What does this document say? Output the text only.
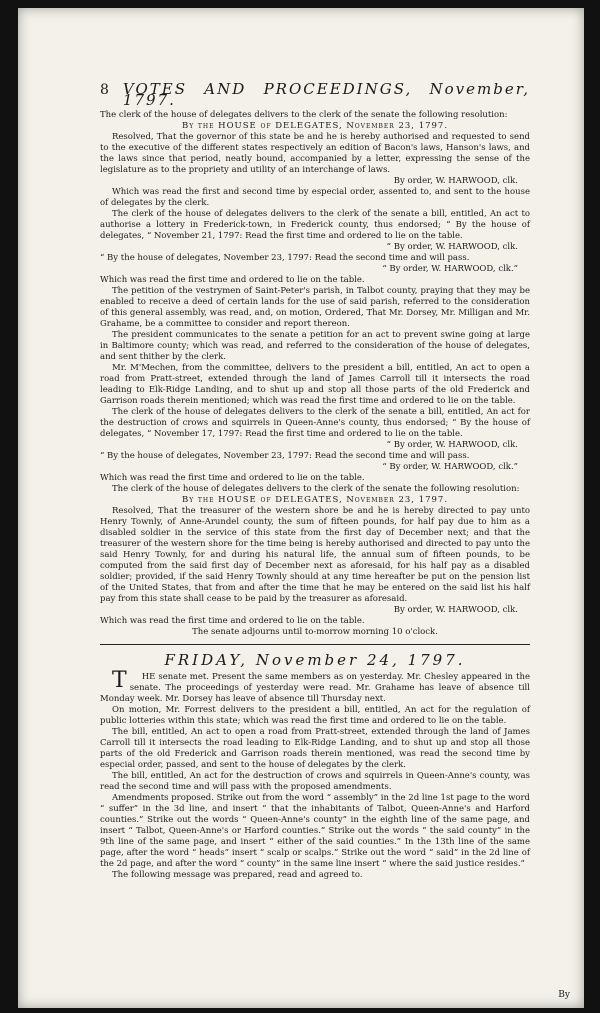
8 VOTES AND PROCEEDINGS, November, 1797.

The clerk of the house of delegates delivers to the clerk of the senate the following resolution:

By the HOUSE of DELEGATES, November 23, 1797.

Resolved, That the governor of this state be and he is hereby authorised and requested to send to the executive of the different states respectively an edition of Bacon's laws, Hanson's laws, and the laws since that period, neatly bound, accompanied by a letter, expressing the sense of the legislature as to the propriety and utility of an interchange of laws.

By order, W. HARWOOD, clk.

Which was read the first and second time by especial order, assented to, and sent to the house of delegates by the clerk.

The clerk of the house of delegates delivers to the clerk of the senate a bill, entitled, An act to authorise a lottery in Frederick-town, in Frederick county, thus endorsed; “ By the house of delegates, “ November 21, 1797: Read the first time and ordered to lie on the table.

“ By order, W. HARWOOD, clk.

“ By the house of delegates, November 23, 1797: Read the second time and will pass.

“ By order, W. HARWOOD, clk.”

Which was read the first time and ordered to lie on the table.

The petition of the vestrymen of Saint-Peter's parish, in Talbot county, praying that they may be enabled to receive a deed of certain lands for the use of said parish, referred to the consideration of this general assembly, was read, and, on motion, Ordered, That Mr. Dorsey, Mr. Milligan and Mr. Grahame, be a committee to consider and report thereon.

The president communicates to the senate a petition for an act to prevent swine going at large in Baltimore county; which was read, and referred to the consideration of the house of delegates, and sent thither by the clerk.

Mr. M'Mechen, from the committee, delivers to the president a bill, entitled, An act to open a road from Pratt-street, extended through the land of James Carroll till it intersects the road leading to Elk-Ridge Landing, and to shut up and stop all those parts of the old Frederick and Garrison roads therein mentioned; which was read the first time and ordered to lie on the table.

The clerk of the house of delegates delivers to the clerk of the senate a bill, entitled, An act for the destruction of crows and squirrels in Queen-Anne's county, thus endorsed; “ By the house of delegates, “ November 17, 1797: Read the first time and ordered to lie on the table.

“ By order, W. HARWOOD, clk.

“ By the house of delegates, November 23, 1797: Read the second time and will pass.

“ By order, W. HARWOOD, clk.”

Which was read the first time and ordered to lie on the table.

The clerk of the house of delegates delivers to the clerk of the senate the following resolution:

By the HOUSE of DELEGATES, November 23, 1797.

Resolved, That the treasurer of the western shore be and he is hereby directed to pay unto Henry Townly, of Anne-Arundel county, the sum of fifteen pounds, for half pay due to him as a disabled soldier in the service of this state from the first day of December next; and that the treasurer of the western shore for the time being is hereby authorised and directed to pay unto the said Henry Townly, for and during his natural life, the annual sum of fifteen pounds, to be computed from the said first day of December next as aforesaid, for his half pay as a disabled soldier; provided, if the said Henry Townly should at any time hereafter be put on the pension list of the United States, that from and after the time that he may be entered on the said list his half pay from this state shall cease to be paid by the treasurer as aforesaid.

By order, W. HARWOOD, clk.

Which was read the first time and ordered to lie on the table.

The senate adjourns until to-morrow morning 10 o'clock.

FRIDAY, November 24, 1797.

T HE senate met. Present the same members as on yesterday. Mr. Chesley appeared in the senate. The proceedings of yesterday were read. Mr. Grahame has leave of absence till Monday week. Mr. Dorsey has leave of absence till Thursday next.

On motion, Mr. Forrest delivers to the president a bill, entitled, An act for the regulation of public lotteries within this state; which was read the first time and ordered to lie on the table.

The bill, entitled, An act to open a road from Pratt-street, extended through the land of James Carroll till it intersects the road leading to Elk-Ridge Landing, and to shut up and stop all those parts of the old Frederick and Garrison roads therein mentioned, was read the second time by especial order, passed, and sent to the house of delegates by the clerk.

The bill, entitled, An act for the destruction of crows and squirrels in Queen-Anne's county, was read the second time and will pass with the proposed amendments.

Amendments proposed. Strike out from the word “ assembly” in the 2d line 1st page to the word “ suffer” in the 3d line, and insert “ that the inhabitants of Talbot, Queen-Anne's and Harford counties.” Strike out the words “ Queen-Anne's county” in the eighth line of the same page, and insert “ Talbot, Queen-Anne's or Harford counties.” Strike out the words “ the said county” in the 9th line of the same page, and insert “ either of the said counties.” In the 13th line of the same page, after the word “ heads” insert “ scalp or scalps.” Strike out the word “ said” in the 2d line of the 2d page, and after the word “ county” in the same line insert “ where the said justice resides.”

The following message was prepared, read and agreed to.

By
